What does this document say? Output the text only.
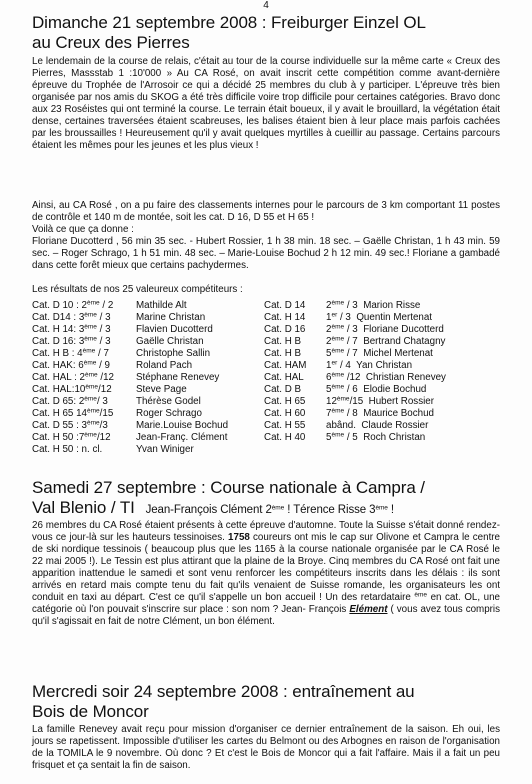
4
Dimanche 21 septembre 2008 : Freiburger Einzel OL
au Creux des Pierres

Le lendemain de la course de relais, c'était au tour de la course individuelle sur la même carte « Creux des Pierres, Massstab 1 :10'000 » Au CA Rosé, on avait inscrit cette compétition comme avant-dernière épreuve du Trophée de l'Arrosoir ce qui a décidé 25 membres du club à y participer. L'épreuve très bien organisée par nos amis du SKOG a été très difficile voire trop difficile pour certaines catégories. Bravo donc aux 23 Roséistes qui ont terminé la course. Le terrain était boueux, il y avait le brouillard, la végétation était dense, certaines traversées étaient scabreuses, les balises étaient bien à leur place mais parfois cachées par les broussailles ! Heureusement qu'il y avait quelques myrtilles à cueillir au passage. Certains parcours étaient les mêmes pour les jeunes et les plus vieux !

Ainsi, au CA Rosé , on a pu faire des classements internes pour le parcours de 3 km comportant 11 postes de contrôle et 140 m de montée, soit les cat. D 16, D 55 et H 65 !

Voilà ce que ça donne :

Floriane Ducotterd , 56 min 35 sec. - Hubert Rossier, 1 h 38 min. 18 sec. – Gaëlle Christan, 1 h 43 min. 59 sec. – Roger Schrago, 1 h 51 min. 48 sec. – Marie-Louise Bochud 2 h 12 min. 49 sec.! Floriane a gambadé dans cette forêt mieux que certains pachydermes.

Les résultats de nos 25 valeureux compétiteurs :

Cat. D 10 : 2ème / 2 Mathilde Alt	Cat. D 14 2ème / 3 Marion Risse
Cat. D14 : 3ème / 3	Marine Christan	Cat. H 14 1er / 3 Quentin Mertenat
Cat. H 14: 3ème / 3	Flavien Ducotterd	Cat. D 16 2ème / 3 Floriane Ducotterd
Cat. D 16: 3ème / 3	Gaëlle Christan	Cat. H B	2ème / 7 Bertrand Chatagny
Cat. H B : 4ème / 7	Christophe Sallin	Cat. H B	5ème / 7 Michel Mertenat
Cat. HAK: 6ème / 9	Roland Pach	Cat. HAM 1er / 4 Yan Christan
Cat. HAL : 2ème /12 Stéphane Renevey	Cat. HAL 6ème /12 Christian Renevey
Cat. HAL:10ème/12 Steve Page	Cat. D B	5ème / 6 Elodie Bochud
Cat. D 65: 2ème/ 3	Thérèse Godel	Cat. H 65 12ème/15 Hubert Rossier
Cat. H 65 14ème/15 Roger Schrago	Cat. H 60 7ème / 8 Maurice Bochud
Cat. D 55 : 3ème/3	Marie.Louise Bochud	Cat. H 55 abând. Claude Rossier
Cat. H 50 :7ème/12	Jean-Franç. Clément	Cat. H 40 5ème / 5 Roch Christan
Cat. H 50 : n. cl.	Yvan Winiger

Samedi 27 septembre : Course nationale à Campra /
Val Blenio / TI Jean-François Clément 2ème ! Térence Risse 3ème !

26 membres du CA Rosé étaient présents à cette épreuve d'automne. Toute la Suisse s'était donné rendez-vous ce jour-là sur les hauteurs tessinoises. 1758 coureurs ont mis le cap sur Olivone et Campra le centre de ski nordique tessinois ( beaucoup plus que les 1165 à la course nationale organisée par le CA Rosé le 22 mai 2005 !). Le Tessin est plus attirant que la plaine de la Broye. Cinq membres du CA Rosé ont fait une apparition inattendue le samedi et sont venu renforcer les compétiteurs inscrits dans les délais : ils sont arrivés en retard mais compte tenu du fait qu'ils venaient de Suisse romande, les organisateurs les ont conduit en taxi au départ. C'est ce qu'il s'appelle un bon accueil ! Un des retardataire $^{ème}$ en cat. OL, une catégorie où l'on pouvait s'inscrire sur place : son nom ? Jean- François Elément ( vous avez tous compris qu'il s'agissait en fait de notre Clément, un bon élément.

Mercredi soir 24 septembre 2008 : entraînement au
Bois de Moncor

La famille Renevey avait reçu pour mission d'organiser ce dernier entraînement de la saison. Eh oui, les jours se rapetissent. Impossible d'utiliser les cartes du Belmont ou des Arbognes en raison de l'organisation de la TOMILA le 9 novembre. Où donc ? Et c'est le Bois de Moncor qui a fait l'affaire. Mais il a fait un peu frisquet et ça sentait la fin de saison.
